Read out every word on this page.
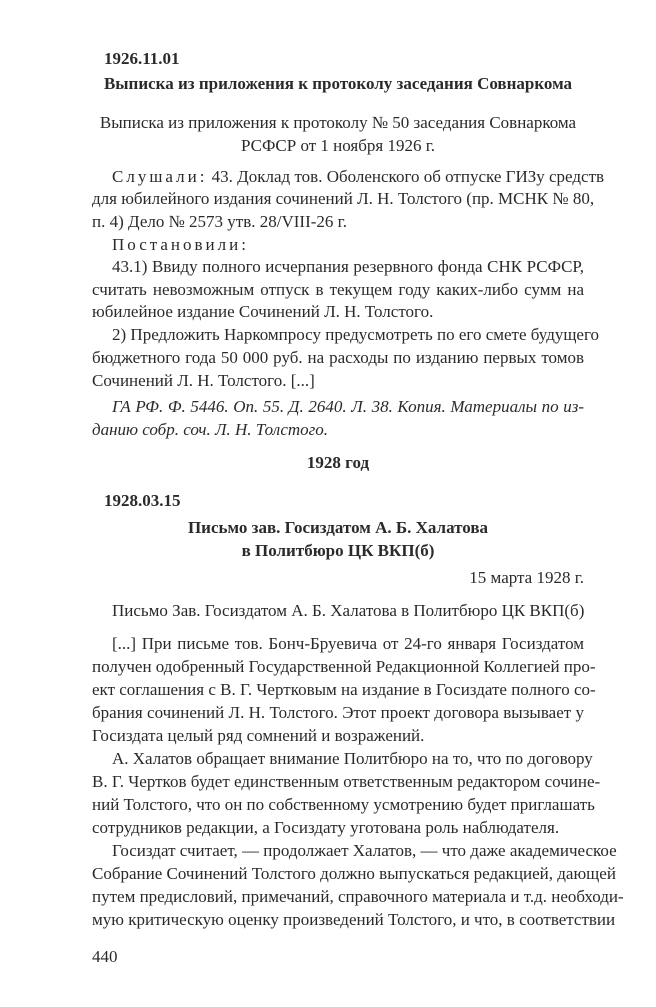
1926.11.01
Выписка из приложения к протоколу заседания Совнаркома
Выписка из приложения к протоколу № 50 заседания Совнаркома
РСФСР от 1 ноября 1926 г.
Слушали: 43. Доклад тов. Оболенского об отпуске ГИЗу средств
для юбилейного издания сочинений Л. Н. Толстого (пр. МСНК № 80,
п. 4) Дело № 2573 утв. 28/VIII-26 г.
Постановили:
43.1) Ввиду полного исчерпания резервного фонда СНК РСФСР,
считать невозможным отпуск в текущем году каких-либо сумм на
юбилейное издание Сочинений Л. Н. Толстого.
2) Предложить Наркомпросу предусмотреть по его смете будущего
бюджетного года 50 000 руб. на расходы по изданию первых томов
Сочинений Л. Н. Толстого. [...]
ГА РФ. Ф. 5446. Оп. 55. Д. 2640. Л. 38. Копия. Материалы по из-
данию собр. соч. Л. Н. Толстого.
1928 год
1928.03.15
Письмо зав. Госиздатом А. Б. Халатова
в Политбюро ЦК ВКП(б)
15 марта 1928 г.
Письмо Зав. Госиздатом А. Б. Халатова в Политбюро ЦК ВКП(б)
[...] При письме тов. Бонч-Бруевича от 24-го января Госиздатом
получен одобренный Государственной Редакционной Коллегией про-
ект соглашения с В. Г. Чертковым на издание в Госиздате полного со-
брания сочинений Л. Н. Толстого. Этот проект договора вызывает у
Госиздата целый ряд сомнений и возражений.
А. Халатов обращает внимание Политбюро на то, что по договору
В. Г. Чертков будет единственным ответственным редактором сочине-
ний Толстого, что он по собственному усмотрению будет приглашать
сотрудников редакции, а Госиздату уготована роль наблюдателя.
Госиздат считает, — продолжает Халатов, — что даже академическое
Собрание Сочинений Толстого должно выпускаться редакцией, дающей
путем предисловий, примечаний, справочного материала и т.д. необходи-
мую критическую оценку произведений Толстого, и что, в соответствии
440
